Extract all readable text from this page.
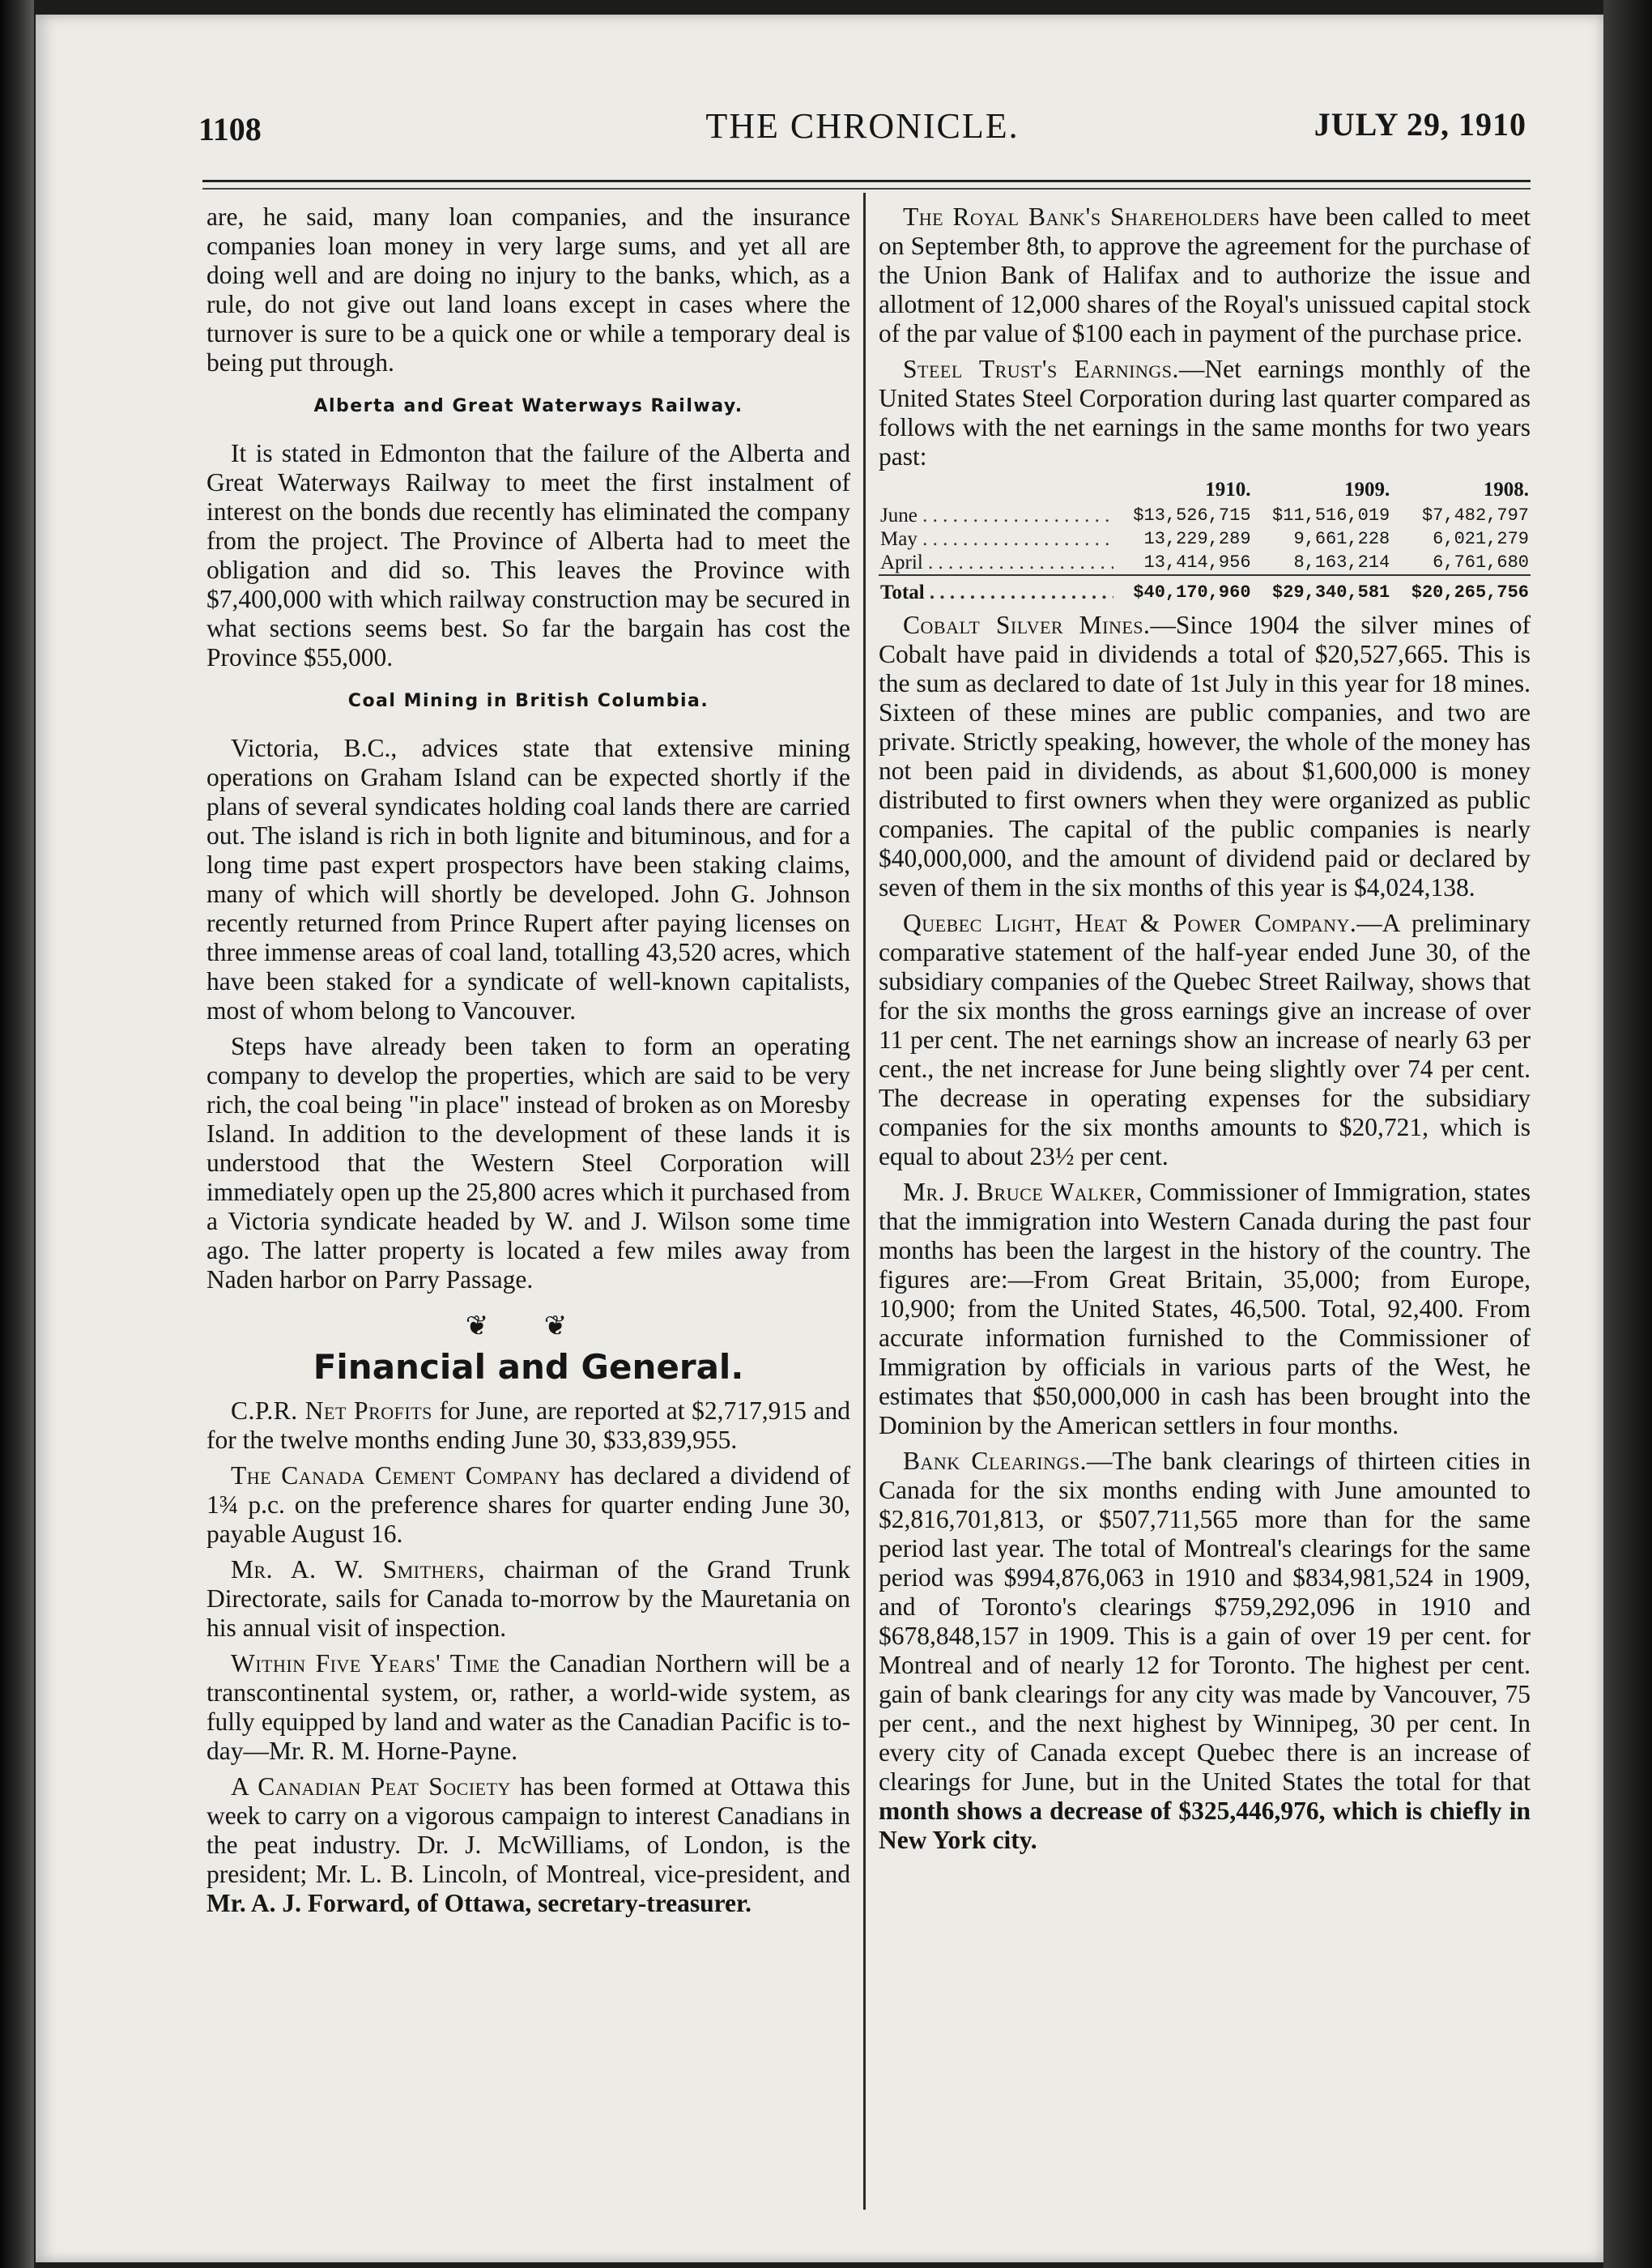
1108	THE CHRONICLE.	JULY 29, 1910

are, he said, many loan companies, and the insurance companies loan money in very large sums, and yet all are doing well and are doing no injury to the banks, which, as a rule, do not give out land loans except in cases where the turnover is sure to be a quick one or while a temporary deal is being put through.

Alberta and Great Waterways Railway.

It is stated in Edmonton that the failure of the Alberta and Great Waterways Railway to meet the first instalment of interest on the bonds due recently has eliminated the company from the project. The Province of Alberta had to meet the obligation and did so. This leaves the Province with $7,400,000 with which railway construction may be secured in what sections seems best. So far the bargain has cost the Province $55,000.

Coal Mining in British Columbia.

Victoria, B.C., advices state that extensive mining operations on Graham Island can be expected shortly if the plans of several syndicates holding coal lands there are carried out. The island is rich in both lignite and bituminous, and for a long time past expert prospectors have been staking claims, many of which will shortly be developed. John G. Johnson recently returned from Prince Rupert after paying licenses on three immense areas of coal land, totalling 43,520 acres, which have been staked for a syndicate of well-known capitalists, most of whom belong to Vancouver.

Steps have already been taken to form an operating company to develop the properties, which are said to be very rich, the coal being "in place" instead of broken as on Moresby Island. In addition to the development of these lands it is understood that the Western Steel Corporation will immediately open up the 25,800 acres which it purchased from a Victoria syndicate headed by W. and J. Wilson some time ago. The latter property is located a few miles away from Naden harbor on Parry Passage.

❦ ❦
Financial and General.

C.P.R. Net Profits for June, are reported at $2,717,915 and for the twelve months ending June 30, $33,839,955.

The Canada Cement Company has declared a dividend of 1¾ p.c. on the preference shares for quarter ending June 30, payable August 16.

Mr. A. W. Smithers, chairman of the Grand Trunk Directorate, sails for Canada to-morrow by the Mauretania on his annual visit of inspection.

Within Five Years' Time the Canadian Northern will be a transcontinental system, or, rather, a world-wide system, as fully equipped by land and water as the Canadian Pacific is to-day—Mr. R. M. Horne-Payne.

A Canadian Peat Society has been formed at Ottawa this week to carry on a vigorous campaign to interest Canadians in the peat industry. Dr. J. McWilliams, of London, is the president; Mr. L. B. Lincoln, of Montreal, vice-president, and Mr. A. J. Forward, of Ottawa, secretary-treasurer.

The Royal Bank's Shareholders have been called to meet on September 8th, to approve the agreement for the purchase of the Union Bank of Halifax and to authorize the issue and allotment of 12,000 shares of the Royal's unissued capital stock of the par value of $100 each in payment of the purchase price.

Steel Trust's Earnings.—Net earnings monthly of the United States Steel Corporation during last quarter compared as follows with the net earnings in the same months for two years past:

	1910.	1909.	1908.
June . . .	$13,526,715	$11,516,019	$7,482,797
May . . .	13,229,289	9,661,228	6,021,279
April . . .	13,414,956	8,163,214	6,761,680
Total . . .	$40,170,960	$29,340,581	$20,265,756

Cobalt Silver Mines.—Since 1904 the silver mines of Cobalt have paid in dividends a total of $20,527,665. This is the sum as declared to date of 1st July in this year for 18 mines. Sixteen of these mines are public companies, and two are private. Strictly speaking, however, the whole of the money has not been paid in dividends, as about $1,600,000 is money distributed to first owners when they were organized as public companies. The capital of the public companies is nearly $40,000,000, and the amount of dividend paid or declared by seven of them in the six months of this year is $4,024,138.

Quebec Light, Heat & Power Company.—A preliminary comparative statement of the half-year ended June 30, of the subsidiary companies of the Quebec Street Railway, shows that for the six months the gross earnings give an increase of over 11 per cent. The net earnings show an increase of nearly 63 per cent., the net increase for June being slightly over 74 per cent. The decrease in operating expenses for the subsidiary companies for the six months amounts to $20,721, which is equal to about 23½ per cent.

Mr. J. Bruce Walker, Commissioner of Immigration, states that the immigration into Western Canada during the past four months has been the largest in the history of the country. The figures are:—From Great Britain, 35,000; from Europe, 10,900; from the United States, 46,500. Total, 92,400. From accurate information furnished to the Commissioner of Immigration by officials in various parts of the West, he estimates that $50,000,000 in cash has been brought into the Dominion by the American settlers in four months.

Bank Clearings.—The bank clearings of thirteen cities in Canada for the six months ending with June amounted to $2,816,701,813, or $507,711,565 more than for the same period last year. The total of Montreal's clearings for the same period was $994,876,063 in 1910 and $834,981,524 in 1909, and of Toronto's clearings $759,292,096 in 1910 and $678,848,157 in 1909. This is a gain of over 19 per cent. for Montreal and of nearly 12 for Toronto. The highest per cent. gain of bank clearings for any city was made by Vancouver, 75 per cent., and the next highest by Winnipeg, 30 per cent. In every city of Canada except Quebec there is an increase of clearings for June, but in the United States the total for that month shows a decrease of $325,446,976, which is chiefly in New York city.
